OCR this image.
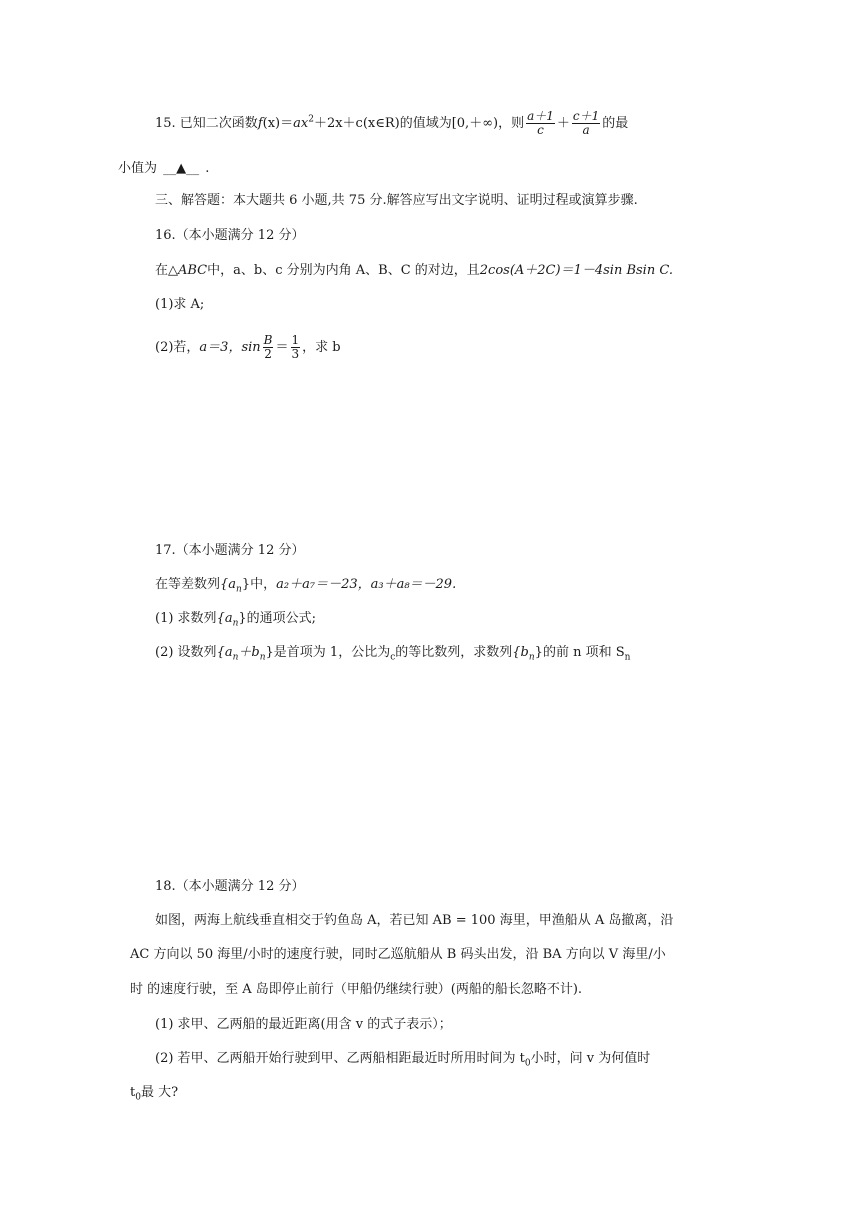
15. 已知二次函数$f(x)=ax^2+2x+c(x\in R)$的值域为[0,＋∞)，则 $\frac{a+1}{c} + \frac{c+1}{a}$ 的最
小值为 __▲__ .
三、解答题：本大题共 6 小题,共 75 分.解答应写出文字说明、证明过程或演算步骤.
16.（本小题满分 12 分）
在△ABC中，a、b、c 分别为内角 A、B、C 的对边，且2cos(A＋2C)＝1－4sin Bsin C.
(1)求 A;
(2)若，a＝3，$\sin \frac{B}{2} = \frac{1}{3}$ ，求 b
17.（本小题满分 12 分）
在等差数列$\{a_n\}$中，a₂＋a₇＝－23，a₃＋a₈＝－29.
(1) 求数列$\{a_n\}$的通项公式;
(2) 设数列$\{a_n+b_n\}$是首项为 1，公比为$_c$的等比数列，求数列$\{b_n\}$的前 n 项和 $S_n$
18.（本小题满分 12 分）
如图，两海上航线垂直相交于钓鱼岛 A，若已知 AB = 100 海里，甲渔船从 A 岛撤离，沿
AC 方向以 50 海里/小时的速度行驶，同时乙巡航船从 B 码头出发，沿 BA 方向以 V 海里/小
时 的速度行驶，至 A 岛即停止前行（甲船仍继续行驶）(两船的船长忽略不计).
(1) 求甲、乙两船的最近距离(用含 v 的式子表示）；
(2) 若甲、乙两船开始行驶到甲、乙两船相距最近时所用时间为 $t_0$小时，问 v 为何值时
$t_0$最 大?
